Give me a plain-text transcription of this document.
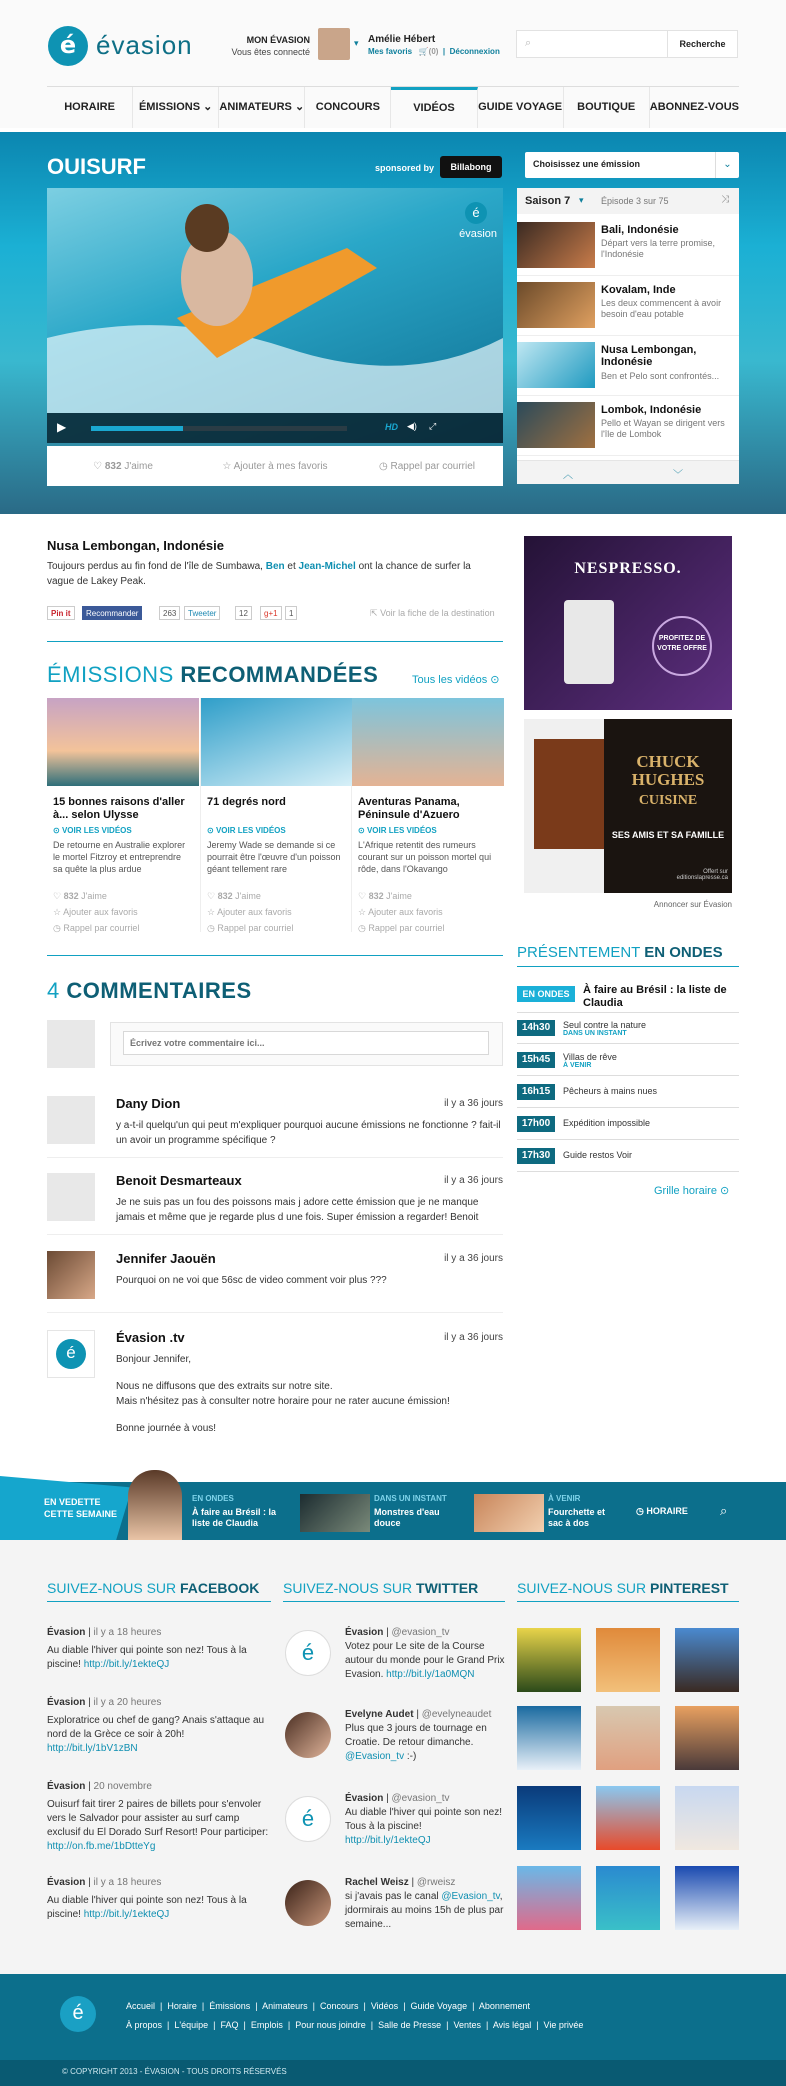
é évasion	MON ÉVASION
Vous êtes connecté
▾ Amélie Hébert
Mes favoris 🛒(0)  |  Déconnexion
⌕	Recherche
HORAIRE	ÉMISSIONS ⌄ ANIMATEURS ⌄	CONCOURS	VIDÉOS	GUIDE VOYAGE	BOUTIQUE	ABONNEZ-VOUS
OUISURF	sponsored by	Billabong	Choisissez une émission	⌄
é
évasion
▶	HD ◀) ⤢
♡ 832 J'aime	☆ Ajouter à mes favoris	◷ Rappel par courriel
Saison 7 ▾ Épisode 3 sur 75	⤨
Bali, Indonésie
Départ vers la terre promise, l'Indonésie
Kovalam, Inde
Les deux commencent à avoir besoin d'eau potable
Nusa Lembongan, Indonésie
Ben et Pelo sont confrontés...
Lombok, Indonésie
Pello et Wayan se dirigent vers l'île de Lombok
︿	﹀
Nusa Lembongan, Indonésie
Toujours perdus au fin fond de l'île de Sumbawa, Ben et Jean-Michel ont la chance de surfer la vague de Lakey Peak.
Pin it	Recommander	263	Tweeter	12	g+1	1	⇱ Voir la fiche de la destination
NESPRESSO.
PROFITEZ DE VOTRE OFFRE
CHUCK HUGHES
CUISINE
SES AMIS ET SA FAMILLE
Offert sur editionslapresse.ca
Annoncer sur Évasion
ÉMISSIONS RECOMMANDÉES	Tous les vidéos ⊙
15 bonnes raisons d'aller à... selon Ulysse
⊙ VOIR LES VIDÉOS
De retourne en Australie explorer le mortel Fitzroy et entreprendre sa quête la plus ardue
♡ 832 J'aime
☆ Ajouter aux favoris
◷ Rappel par courriel
71 degrés nord
⊙ VOIR LES VIDÉOS
Jeremy Wade se demande si ce pourrait être l'œuvre d'un poisson géant tellement rare
♡ 832 J'aime
☆ Ajouter aux favoris
◷ Rappel par courriel
Aventuras Panama, Péninsule d'Azuero
⊙ VOIR LES VIDÉOS
L'Afrique retentit des rumeurs courant sur un poisson mortel qui rôde, dans l'Okavango
♡ 832 J'aime
☆ Ajouter aux favoris
◷ Rappel par courriel
PRÉSENTEMENT EN ONDES
EN ONDES	À faire au Brésil : la liste de Claudia
14h30	Seul contre la nature
DANS UN INSTANT
15h45	Villas de rêve
À VENIR
16h15	Pêcheurs à mains nues
17h00	Expédition impossible
17h30	Guide restos Voir
Grille horaire ⊙
4 COMMENTAIRES
Écrivez votre commentaire ici...
Dany Dion	il y a 36 jours
y a-t-il quelqu'un qui peut m'expliquer pourquoi aucune émissions ne fonctionne ? fait-il un avoir un programme spécifique ?
Benoit Desmarteaux	il y a 36 jours
Je ne suis pas un fou des poissons mais j adore cette émission que je ne manque jamais et même que je regarde plus d une fois. Super émission a regarder! Benoit
Jennifer Jaouën	il y a 36 jours
Pourquoi on ne voi que 56sc de video comment voir plus ???
é
Évasion .tv	il y a 36 jours
Bonjour Jennifer,
Nous ne diffusons que des extraits sur notre site.
Mais n'hésitez pas à consulter notre horaire pour ne rater aucune émission!
Bonne journée à vous!
EN VEDETTE CETTE SEMAINE
EN ONDES
À faire au Brésil : la liste de Claudia
DANS UN INSTANT
Monstres d'eau douce
À VENIR
Fourchette et sac à dos
◷ HORAIRE ⌕
SUIVEZ-NOUS SUR FACEBOOK SUIVEZ-NOUS SUR TWITTER	SUIVEZ-NOUS SUR PINTEREST
Évasion | il y a 18 heures
Au diable l'hiver qui pointe son nez! Tous à la piscine! http://bit.ly/1ekteQJ
Évasion | il y a 20 heures
Exploratrice ou chef de gang? Anais s'attaque au nord de la Grèce ce soir à 20h! http://bit.ly/1bV1zBN
Évasion | 20 novembre
Ouisurf fait tirer 2 paires de billets pour s'envoler vers le Salvador pour assister au surf camp exclusif du El Dorado Surf Resort! Pour participer: http://on.fb.me/1bDtteYg
Évasion | il y a 18 heures
Au diable l'hiver qui pointe son nez! Tous à la piscine! http://bit.ly/1ekteQJ
é
Évasion | @evasion_tv
Votez pour Le site de la Course autour du monde pour le Grand Prix Evasion. http://bit.ly/1a0MQN
Evelyne Audet | @evelyneaudet
Plus que 3 jours de tournage en Croatie. De retour dimanche. @Evasion_tv :-)
é
Évasion | @evasion_tv
Au diable l'hiver qui pointe son nez! Tous à la piscine! http://bit.ly/1ekteQJ
Rachel Weisz | @rweisz
si j'avais pas le canal @Evasion_tv, jdormirais au moins 15h de plus par semaine...
é	Accueil  |  Horaire  |  Émissions  |  Animateurs  |  Concours  |  Vidéos  |  Guide Voyage  |  Abonnement
À propos  |  L'équipe  |  FAQ  |  Emplois  |  Pour nous joindre  |  Salle de Presse  |  Ventes  |  Avis légal  |  Vie privée
© COPYRIGHT 2013 - ÉVASION - TOUS DROITS RÉSERVÉS
